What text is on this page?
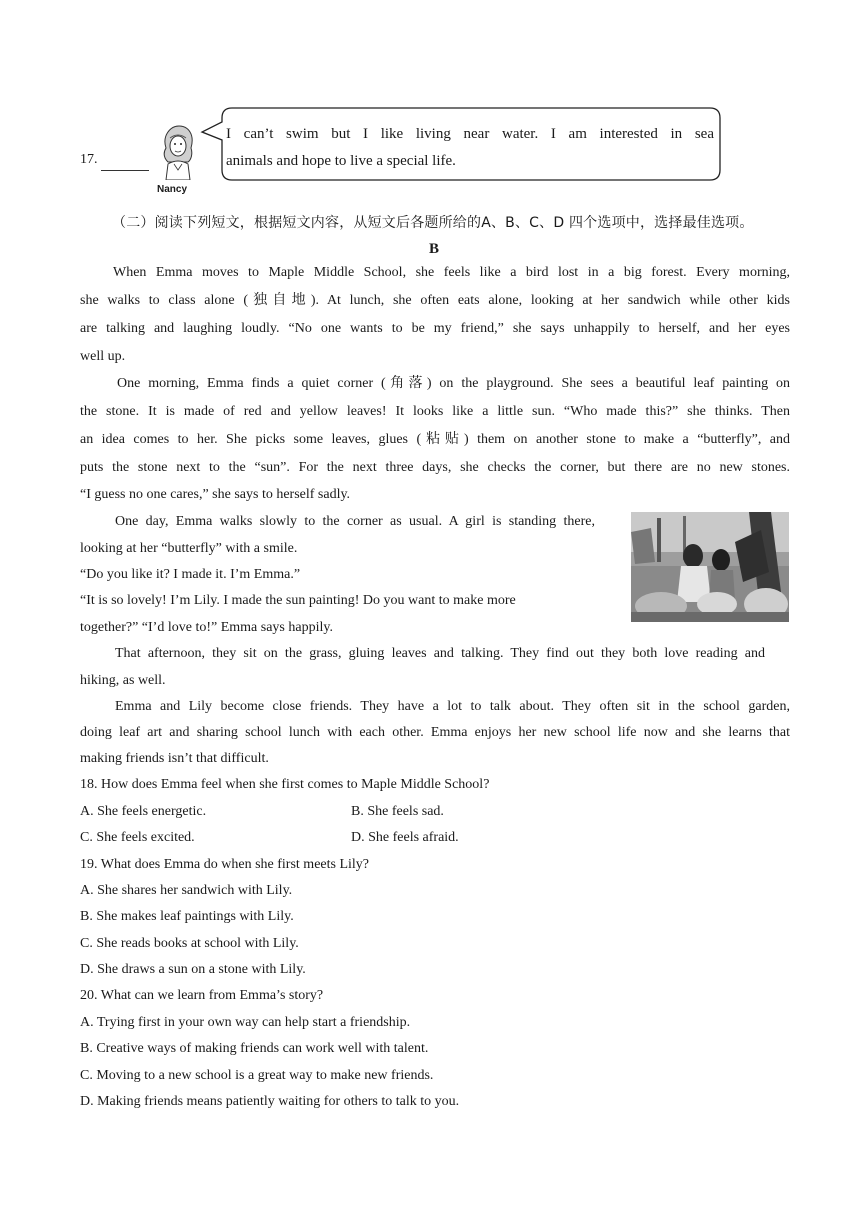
17.
Nancy
I can’t swim but I like living near water. I am interested in sea
animals and hope to live a special life.
（二）阅读下列短文，根据短文内容，从短文后各题所给的A、B、C、D 四个选项中，选择最佳选项。
B
When Emma moves to Maple Middle School, she feels like a bird lost in a big forest. Every morning,
she walks to class alone (独自地). At lunch, she often eats alone, looking at her sandwich while other kids
are talking and laughing loudly. “No one wants to be my friend,” she says unhappily to herself, and her eyes
well up.
One morning, Emma finds a quiet corner (角落) on the playground. She sees a beautiful leaf painting on
the stone. It is made of red and yellow leaves! It looks like a little sun. “Who made this?” she thinks. Then
an idea comes to her. She picks some leaves, glues (粘贴) them on another stone to make a “butterfly”, and
puts the stone next to the “sun”. For the next three days, she checks the corner, but there are no new stones.
“I guess no one cares,” she says to herself sadly.
One day, Emma walks slowly to the corner as usual. A girl is standing there,
looking at her “butterfly” with a smile.
“Do you like it? I made it. I’m Emma.”
“It is so lovely! I’m Lily. I made the sun painting! Do you want to make more
together?” “I’d love to!” Emma says happily.
That afternoon, they sit on the grass, gluing leaves and talking. They find out they both love reading and
hiking, as well.
Emma and Lily become close friends. They have a lot to talk about. They often sit in the school garden,
doing leaf art and sharing school lunch with each other. Emma enjoys her new school life now and she learns that
making friends isn’t that difficult.
18. How does Emma feel when she first comes to Maple Middle School?
A. She feels energetic.	B. She feels sad.
C. She feels excited.	D. She feels afraid.
19. What does Emma do when she first meets Lily?
A. She shares her sandwich with Lily.
B. She makes leaf paintings with Lily.
C. She reads books at school with Lily.
D. She draws a sun on a stone with Lily.
20. What can we learn from Emma’s story?
A. Trying first in your own way can help start a friendship.
B. Creative ways of making friends can work well with talent.
C. Moving to a new school is a great way to make new friends.
D. Making friends means patiently waiting for others to talk to you.
